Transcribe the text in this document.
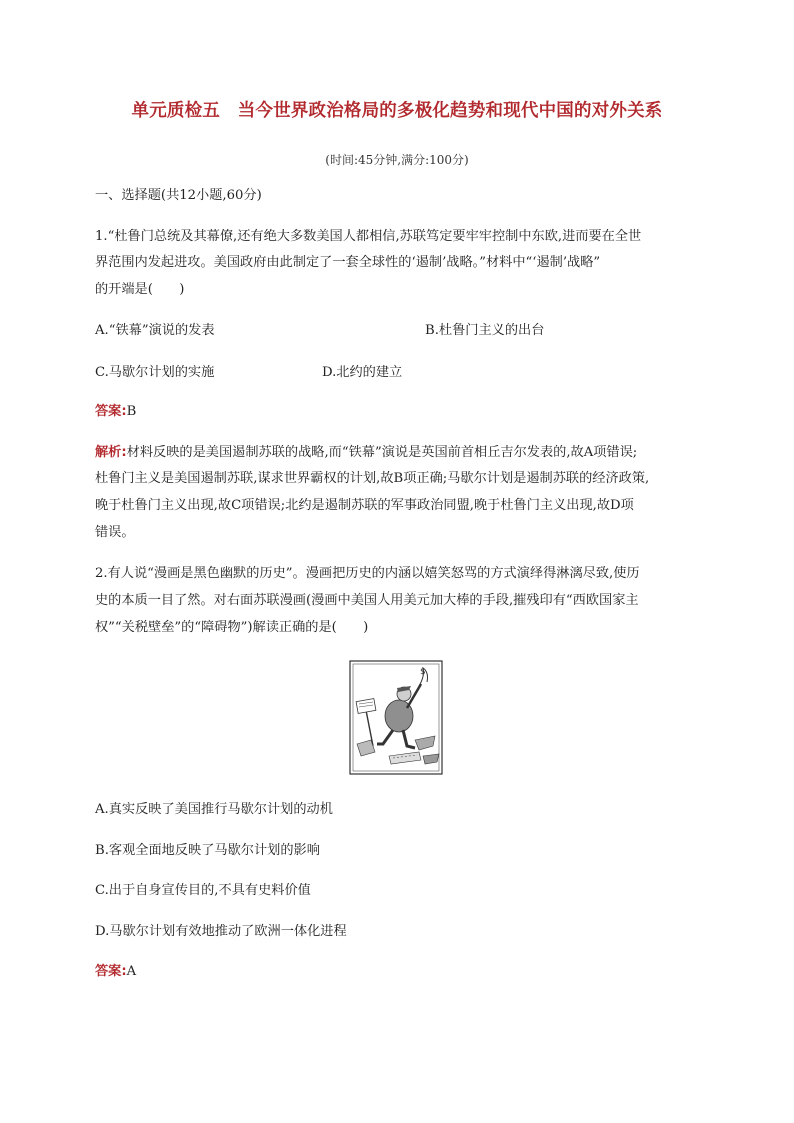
单元质检五　当今世界政治格局的多极化趋势和现代中国的对外关系
(时间:45分钟,满分:100分)
一、选择题(共12小题,60分)
1.“杜鲁门总统及其幕僚,还有绝大多数美国人都相信,苏联笃定要牢牢控制中东欧,进而要在全世
界范围内发起进攻。美国政府由此制定了一套全球性的‘遏制’战略。”材料中“‘遏制’战略”
的开端是(　　)
A.“铁幕”演说的发表	B.杜鲁门主义的出台
C.马歇尔计划的实施	D.北约的建立
答案:B
解析:材料反映的是美国遏制苏联的战略,而“铁幕”演说是英国前首相丘吉尔发表的,故A项错误;
杜鲁门主义是美国遏制苏联,谋求世界霸权的计划,故B项正确;马歇尔计划是遏制苏联的经济政策,
晚于杜鲁门主义出现,故C项错误;北约是遏制苏联的军事政治同盟,晚于杜鲁门主义出现,故D项
错误。
2.有人说“漫画是黑色幽默的历史”。漫画把历史的内涵以嬉笑怒骂的方式演绎得淋漓尽致,使历
史的本质一目了然。对右面苏联漫画(漫画中美国人用美元加大棒的手段,摧残印有“西欧国家主
权”“关税壁垒”的“障碍物”)解读正确的是(　　)
$
A.真实反映了美国推行马歇尔计划的动机
B.客观全面地反映了马歇尔计划的影响
C.出于自身宣传目的,不具有史料价值
D.马歇尔计划有效地推动了欧洲一体化进程
答案:A
